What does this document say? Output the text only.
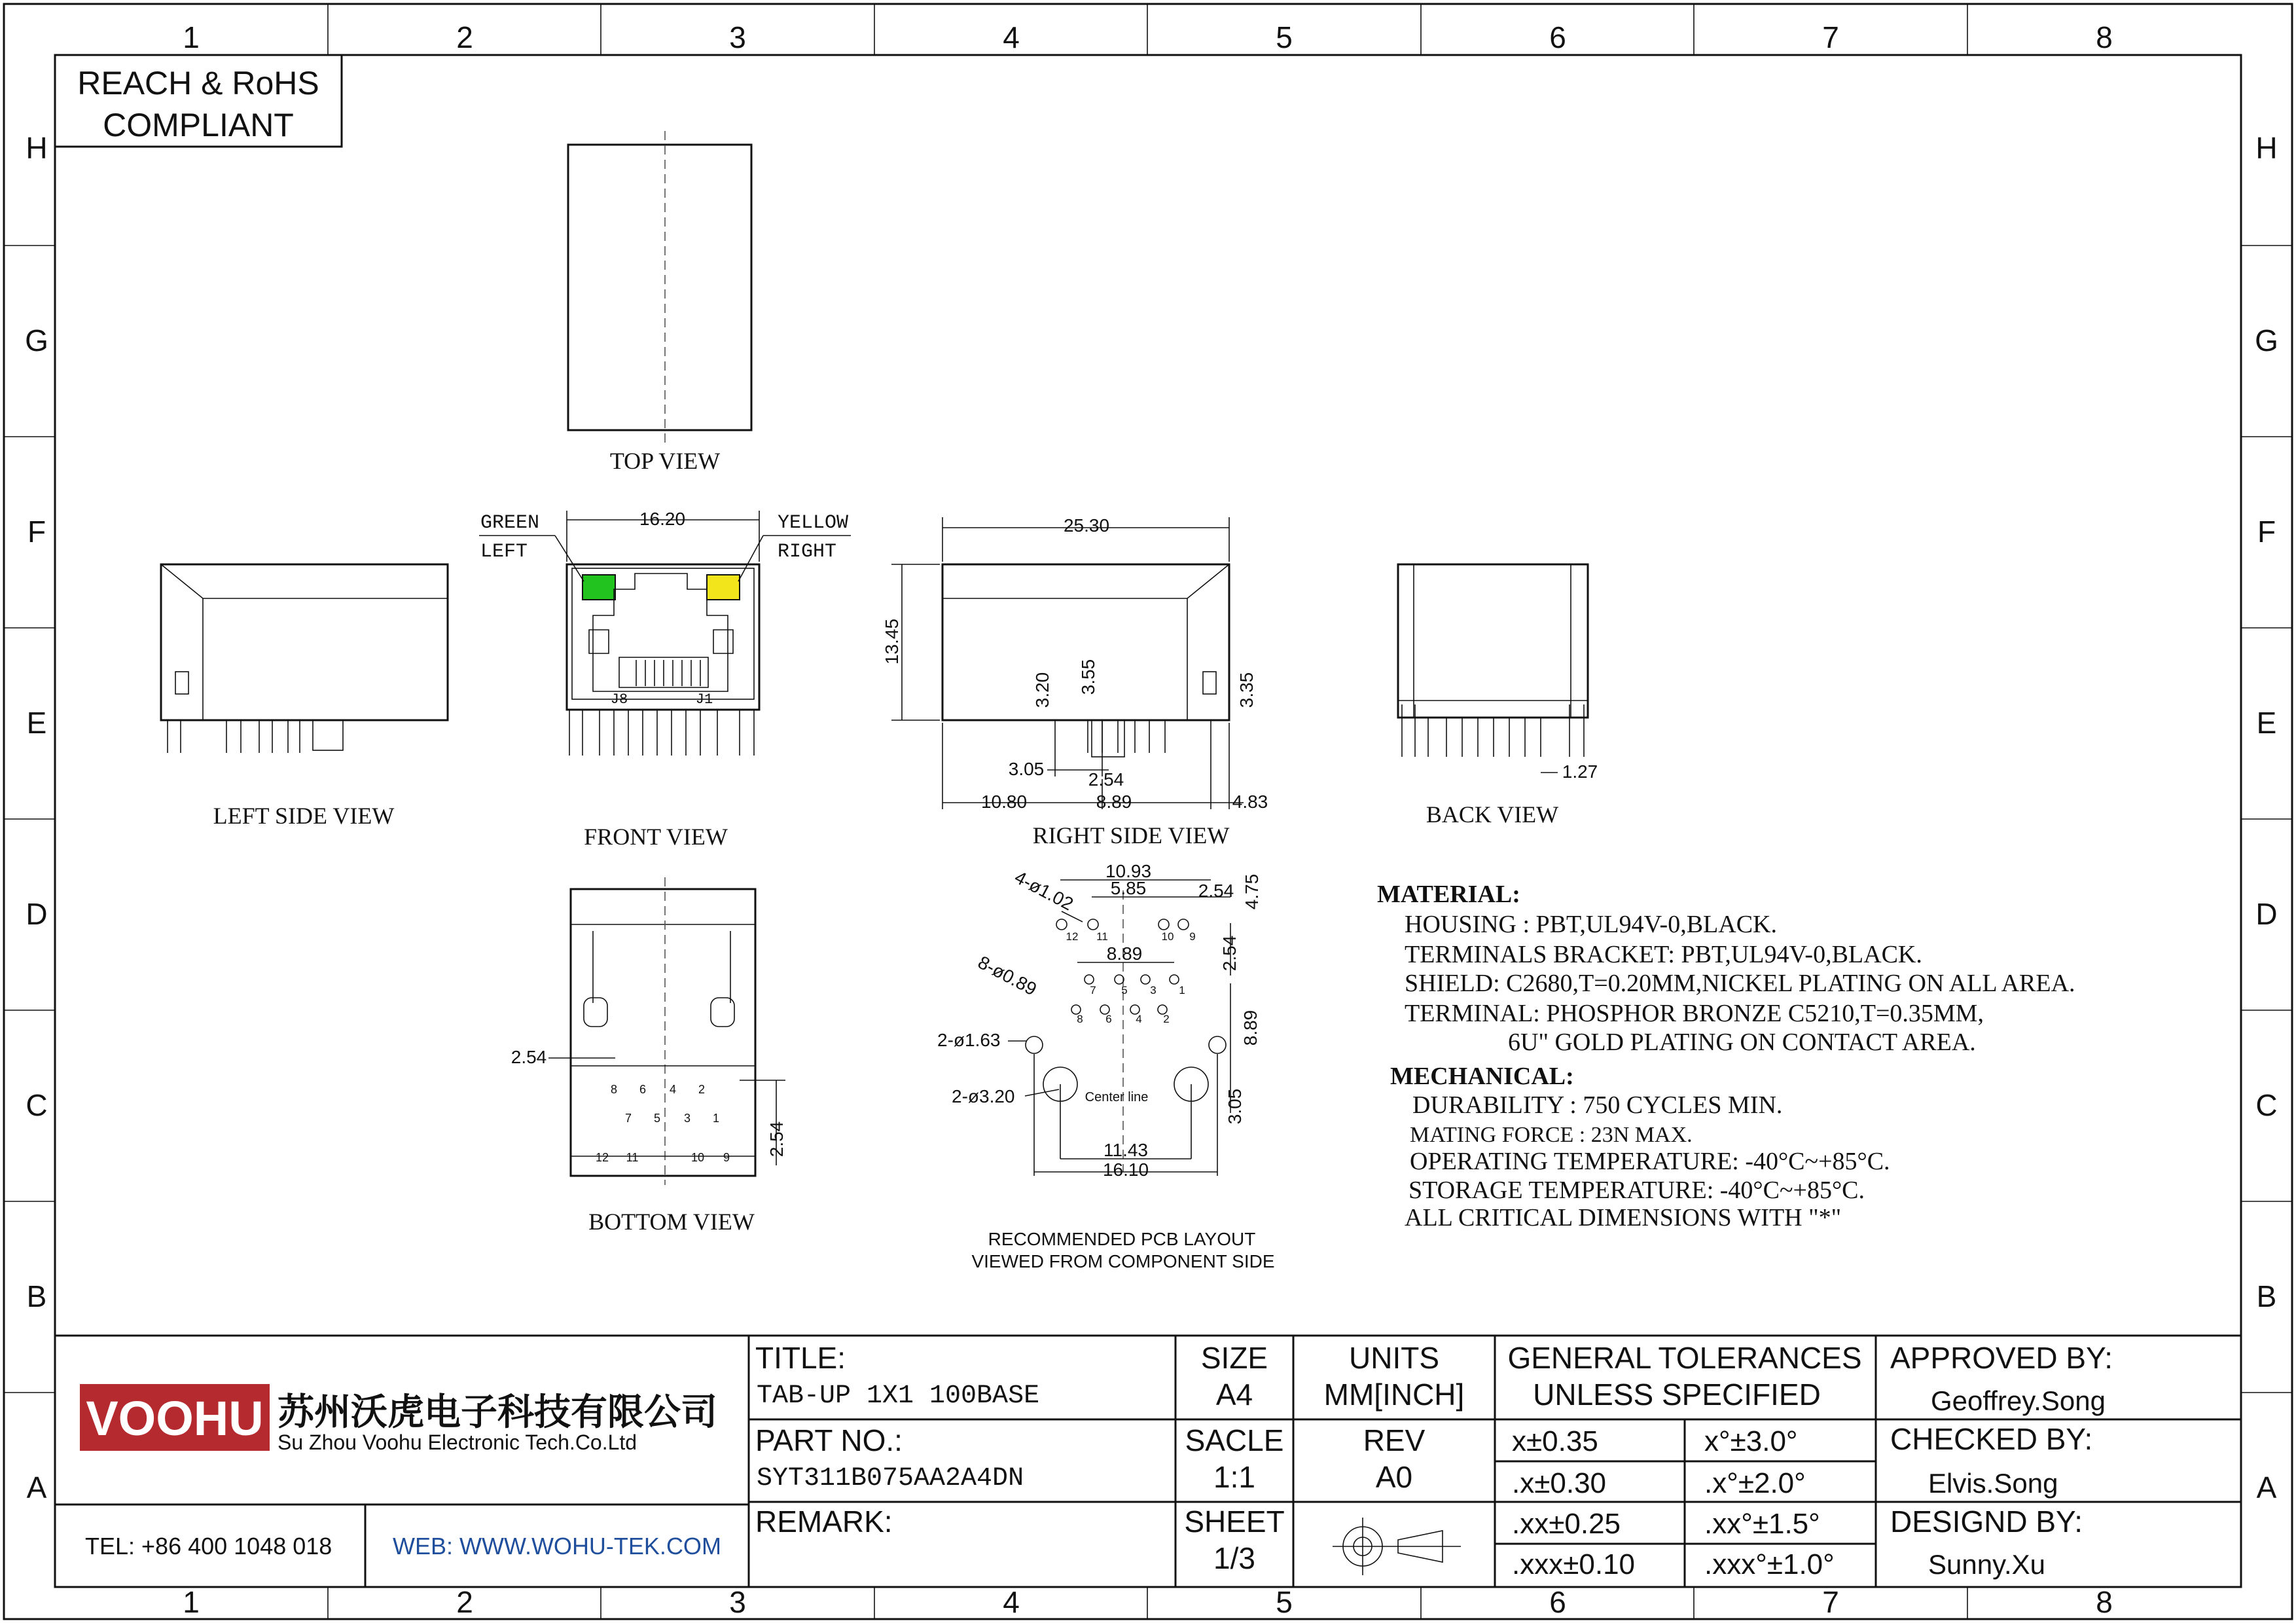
1	2	3	4	5	6	7	8
1	2	3	4	5	6	7	8
H
G
F
E
D
C
B
A
H
G
F
E
D
C
B
A
REACH & RoHS
COMPLIANT
TOP VIEW
LEFT SIDE VIEW
J8	J1
16.20
GREEN
LEFT
YELLOW
RIGHT
FRONT VIEW
25.30
13.45
3.20 3.55	3.35
3.05
2.54
10.80	8.89	4.83
RIGHT SIDE VIEW
1.27
BACK VIEW
8 6 4 2
7 5 3 1
12 11	10 9
2.54
2.54
BOTTOM VIEW
4-ø1.02 10.93
5.85	2.54 4.75
2.54
8.89
8-ø0.89
2-ø1.63
2-ø3.20
12 11	10 9
7 5 3 1
8 6 4 2	8.89
3.05
Center line
11.43
16.10
RECOMMENDED PCB LAYOUT
VIEWED FROM COMPONENT SIDE
MATERIAL:
HOUSING : PBT,UL94V-0,BLACK.
TERMINALS BRACKET: PBT,UL94V-0,BLACK.
SHIELD: C2680,T=0.20MM,NICKEL PLATING ON ALL AREA.
TERMINAL: PHOSPHOR BRONZE C5210,T=0.35MM,
6U" GOLD PLATING ON CONTACT AREA.
MECHANICAL:
DURABILITY : 750 CYCLES MIN.
MATING FORCE : 23N MAX.
OPERATING TEMPERATURE: -40°C~+85°C.
STORAGE TEMPERATURE: -40°C~+85°C.
ALL CRITICAL DIMENSIONS WITH "*"
VOOHU 苏州沃虎电子科技有限公司
Su Zhou Voohu Electronic Tech.Co.Ltd
TEL: +86 400 1048 018	WEB: WWW.WOHU-TEK.COM
TITLE:
TAB-UP 1X1 100BASE
PART NO.:
SYT311B075AA2A4DN
REMARK:
SIZE
A4
SACLE
1:1
SHEET
1/3
UNITS
MM[INCH]
REV
A0
GENERAL TOLERANCES
UNLESS SPECIFIED
x±0.35	x°±3.0°
.x±0.30	.x°±2.0°
.xx±0.25	.xx°±1.5°
.xxx±0.10 .xxx°±1.0°
APPROVED BY:
Geoffrey.Song
CHECKED BY:
Elvis.Song
DESIGND BY:
Sunny.Xu
